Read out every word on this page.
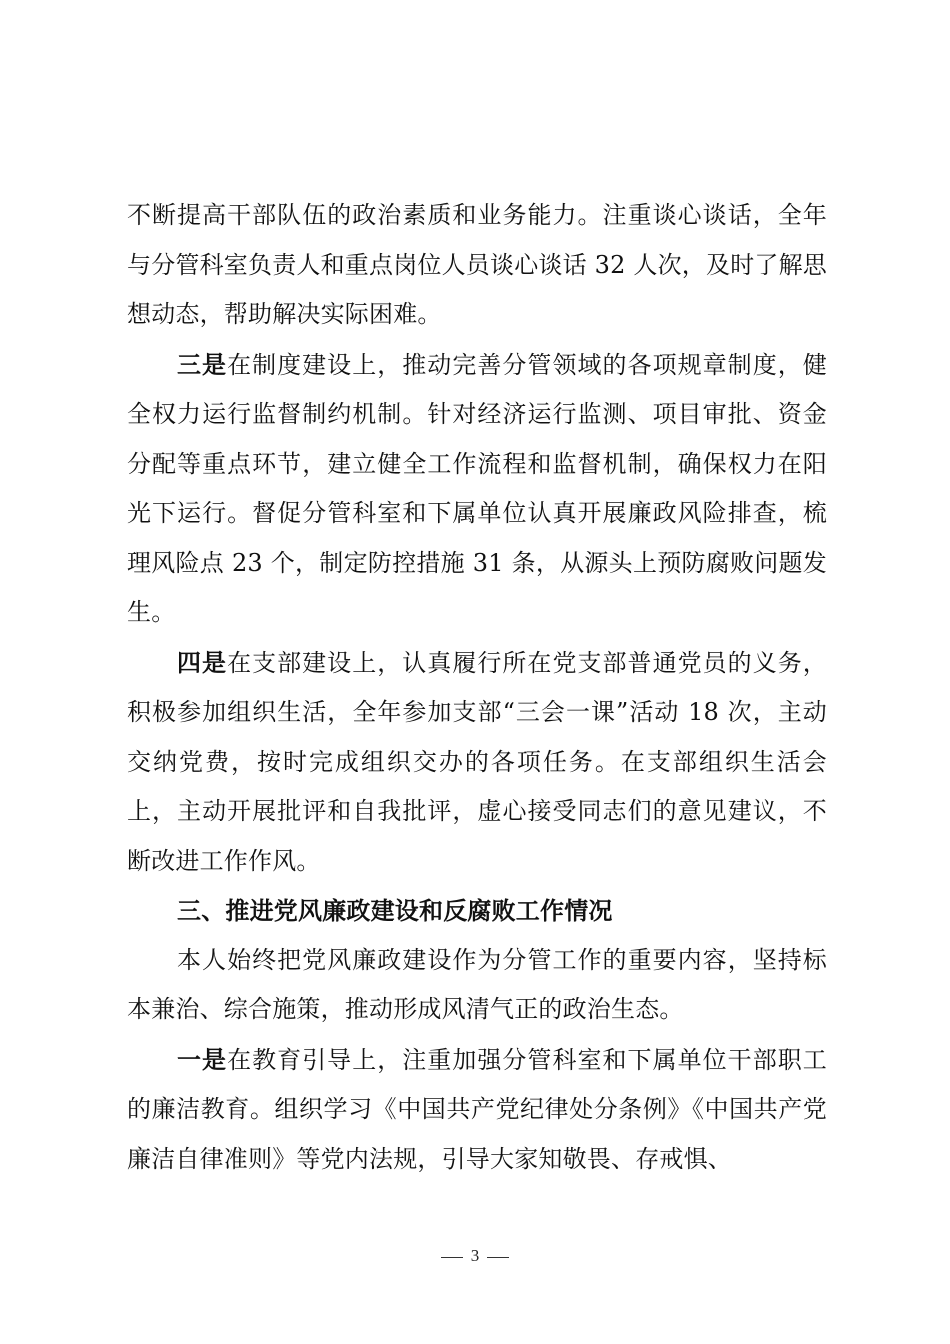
不断提高干部队伍的政治素质和业务能力。注重谈心谈话，全年与分管科室负责人和重点岗位人员谈心谈话 32 人次，及时了解思想动态，帮助解决实际困难。

三是在制度建设上，推动完善分管领域的各项规章制度，健全权力运行监督制约机制。针对经济运行监测、项目审批、资金分配等重点环节，建立健全工作流程和监督机制，确保权力在阳光下运行。督促分管科室和下属单位认真开展廉政风险排查，梳理风险点 23 个，制定防控措施 31 条，从源头上预防腐败问题发生。

四是在支部建设上，认真履行所在党支部普通党员的义务，积极参加组织生活，全年参加支部“三会一课”活动 18 次，主动交纳党费，按时完成组织交办的各项任务。在支部组织生活会上，主动开展批评和自我批评，虚心接受同志们的意见建议，不断改进工作作风。

三、推进党风廉政建设和反腐败工作情况

本人始终把党风廉政建设作为分管工作的重要内容，坚持标本兼治、综合施策，推动形成风清气正的政治生态。

一是在教育引导上，注重加强分管科室和下属单位干部职工的廉洁教育。组织学习《中国共产党纪律处分条例》《中国共产党廉洁自律准则》等党内法规，引导大家知敬畏、存戒惧、

3
